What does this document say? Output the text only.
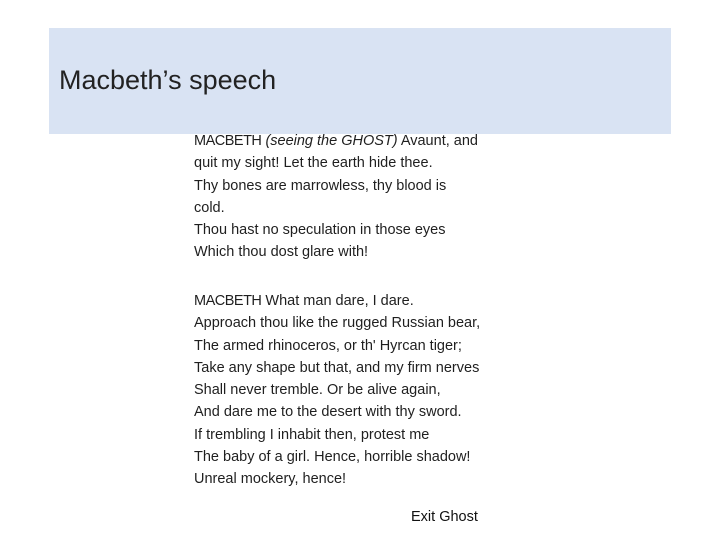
Macbeth’s speech
MACBETH (seeing the GHOST) Avaunt, and
quit my sight! Let the earth hide thee.
Thy bones are marrowless, thy blood is
cold.
Thou hast no speculation in those eyes
Which thou dost glare with!
MACBETH What man dare, I dare.
Approach thou like the rugged Russian bear,
The armed rhinoceros, or th' Hyrcan tiger;
Take any shape but that, and my firm nerves
Shall never tremble. Or be alive again,
And dare me to the desert with thy sword.
If trembling I inhabit then, protest me
The baby of a girl. Hence, horrible shadow!
Unreal mockery, hence!
Exit Ghost
